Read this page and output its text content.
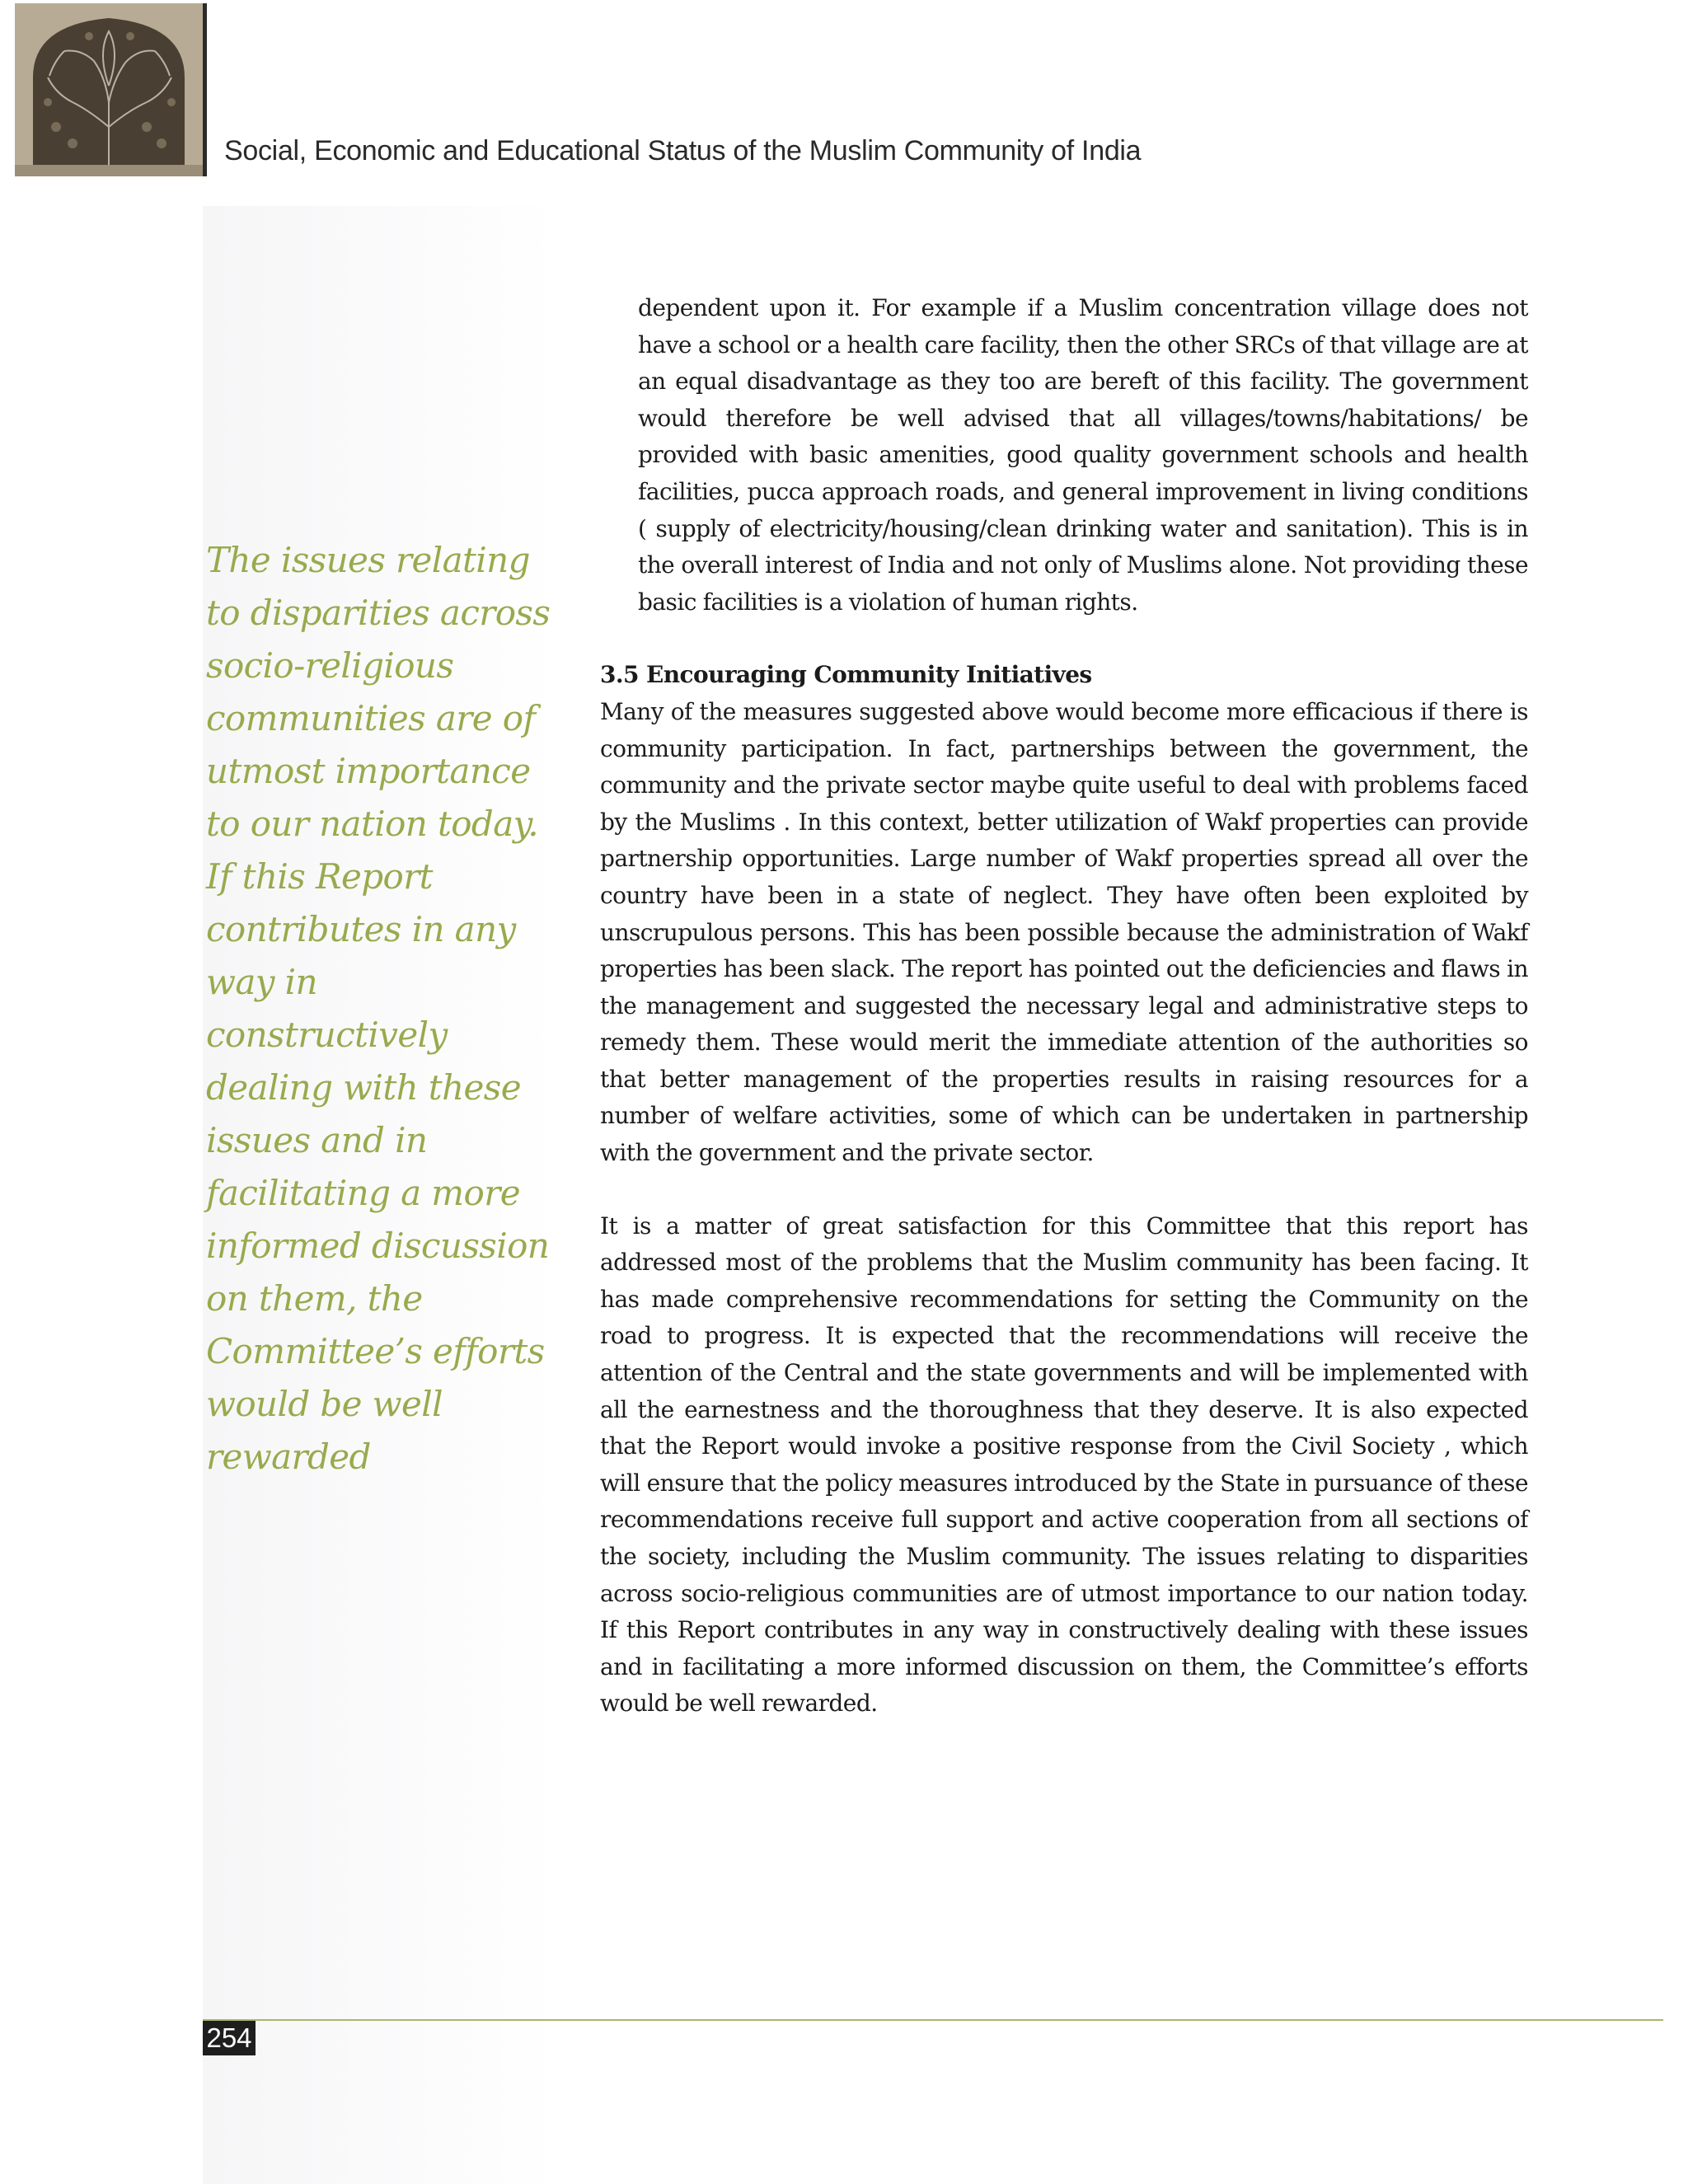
Social, Economic and Educational Status of the Muslim Community of India

The issues relating
to disparities across
socio-religious
communities are of
utmost importance
to our nation today.
If this Report
contributes in any
way in
constructively
dealing with these
issues and in
facilitating a more
informed discussion
on them, the
Committee’s efforts
would be well
rewarded

dependent upon it. For example if a Muslim concentration village does not have a school or a health care facility, then the other SRCs of that village are at an equal disadvantage as they too are bereft of this facility. The government would therefore be well advised that all villages/towns/habitations/ be provided with basic amenities, good quality government schools and health facilities, pucca approach roads, and general improvement in living conditions ( supply of electricity/housing/clean drinking water and sanitation). This is in the overall interest of India and not only of Muslims alone. Not providing these basic facilities is a violation of human rights.

3.5 Encouraging Community Initiatives

Many of the measures suggested above would become more efficacious if there is community participation. In fact, partnerships between the government, the community and the private sector maybe quite useful to deal with problems faced by the Muslims . In this context, better utilization of Wakf properties can provide partnership opportunities. Large number of Wakf properties spread all over the country have been in a state of neglect. They have often been exploited by unscrupulous persons. This has been possible because the administration of Wakf properties has been slack. The report has pointed out the deficiencies and flaws in the management and suggested the necessary legal and administrative steps to remedy them. These would merit the immediate attention of the authorities so that better management of the properties results in raising resources for a number of welfare activities, some of which can be undertaken in partnership with the government and the private sector.

It is a matter of great satisfaction for this Committee that this report has addressed most of the problems that the Muslim community has been facing. It has made comprehensive recommendations for setting the Community on the road to progress. It is expected that the recommendations will receive the attention of the Central and the state governments and will be implemented with all the earnestness and the thoroughness that they deserve. It is also expected that the Report would invoke a positive response from the Civil Society , which will ensure that the policy measures introduced by the State in pursuance of these recommendations receive full support and active cooperation from all sections of the society, including the Muslim community. The issues relating to disparities across socio-religious communities are of utmost importance to our nation today. If this Report contributes in any way in constructively dealing with these issues and in facilitating a more informed discussion on them, the Committee’s efforts would be well rewarded.

254
